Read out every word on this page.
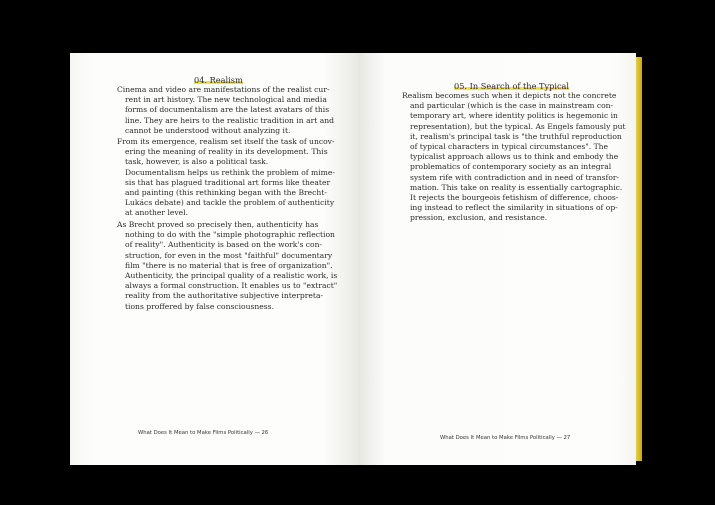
04. Realism
Cinema and video are manifestations of the realist cur-
rent in art history. The new technological and media
forms of documentalism are the latest avatars of this
line. They are heirs to the realistic tradition in art and
cannot be understood without analyzing it.
From its emergence, realism set itself the task of uncov-
ering the meaning of reality in its development. This
task, however, is also a political task.
Documentalism helps us rethink the problem of mime-
sis that has plagued traditional art forms like theater
and painting (this rethinking began with the Brecht-
Lukács debate) and tackle the problem of authenticity
at another level.
As Brecht proved so precisely then, authenticity has
nothing to do with the "simple photographic reflection
of reality". Authenticity is based on the work's con-
struction, for even in the most "faithful" documentary
film "there is no material that is free of organization".
Authenticity, the principal quality of a realistic work, is
always a formal construction. It enables us to "extract"
reality from the authoritative subjective interpreta-
tions proffered by false consciousness.
What Does It Mean to Make Films Politically — 26
05. In Search of the Typical
Realism becomes such when it depicts not the concrete
and particular (which is the case in mainstream con-
temporary art, where identity politics is hegemonic in
representation), but the typical. As Engels famously put
it, realism's principal task is "the truthful reproduction
of typical characters in typical circumstances". The
typicalist approach allows us to think and embody the
problematics of contemporary society as an integral
system rife with contradiction and in need of transfor-
mation. This take on reality is essentially cartographic.
It rejects the bourgeois fetishism of difference, choos-
ing instead to reflect the similarity in situations of op-
pression, exclusion, and resistance.
What Does It Mean to Make Films Politically — 27
